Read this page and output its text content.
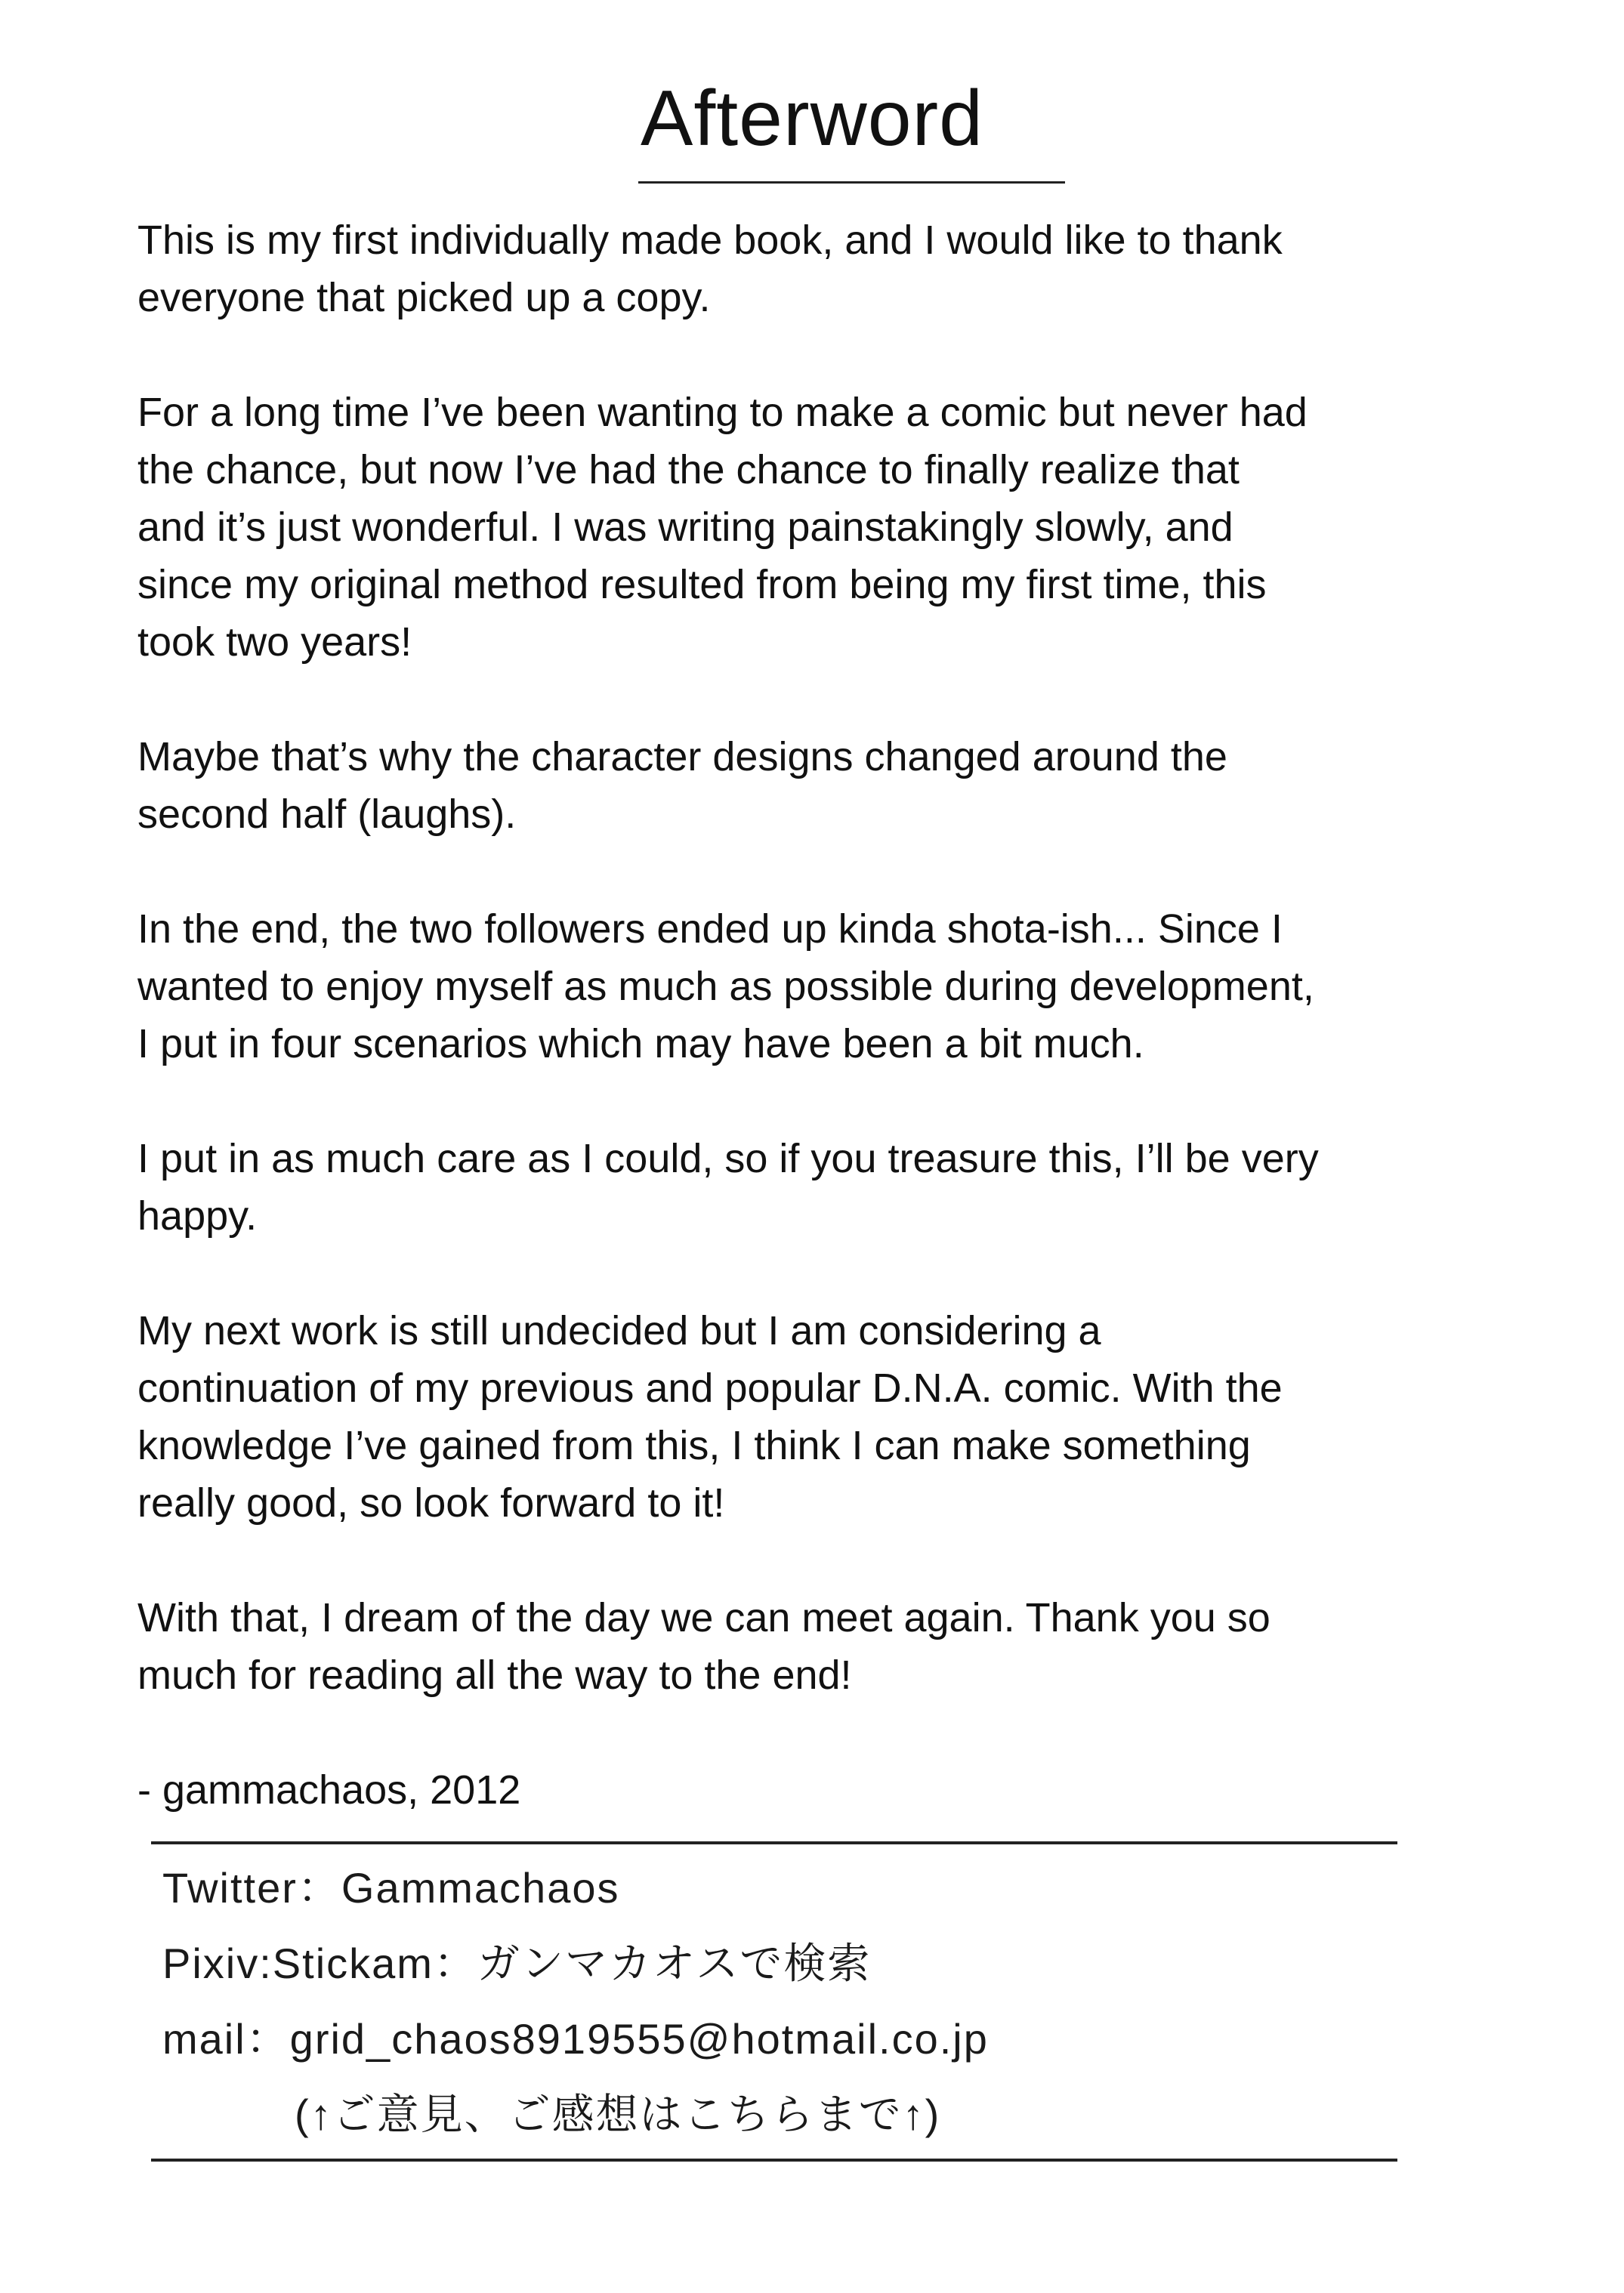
Afterword

This is my first individually made book, and I would like to thank
everyone that picked up a copy.

For a long time I’ve been wanting to make a comic but never had
the chance, but now I’ve had the chance to finally realize that
and it’s just wonderful. I was writing painstakingly slowly, and
since my original method resulted from being my first time, this
took two years!

Maybe that’s why the character designs changed around the
second half (laughs).

In the end, the two followers ended up kinda shota-ish... Since I
wanted to enjoy myself as much as possible during development,
I put in four scenarios which may have been a bit much.

I put in as much care as I could, so if you treasure this, I’ll be very
happy.

My next work is still undecided but I am considering a
continuation of my previous and popular D.N.A. comic. With the
knowledge I’ve gained from this, I think I can make something
really good, so look forward to it!

With that, I dream of the day we can meet again. Thank you so
much for reading all the way to the end!

- gammachaos, 2012

Twitter：Gammachaos
Pixiv:Stickam：ガンマカオスで検索
mail：grid_chaos8919555@hotmail.co.jp
(↑ご意見、ご感想はこちらまで↑)
